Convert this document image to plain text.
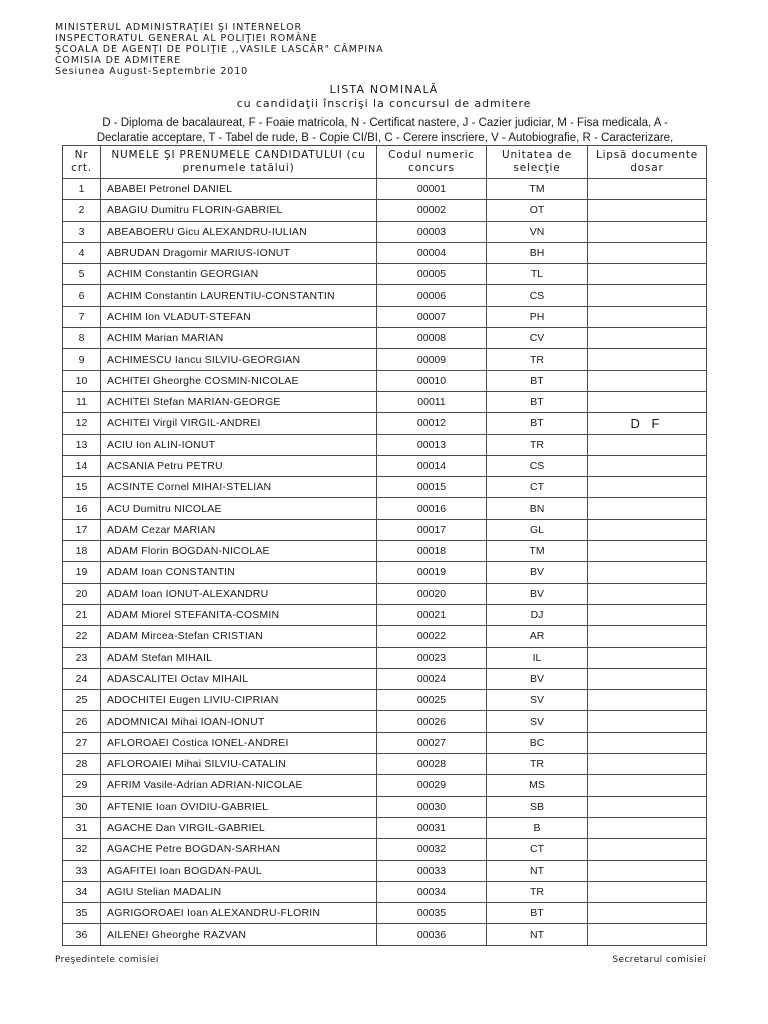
MINISTERUL ADMINISTRAŢIEI ŞI INTERNELOR
INSPECTORATUL GENERAL AL POLIŢIEI ROMÂNE
ŞCOALA DE AGENŢI DE POLIŢIE ,,VASILE LASCĂR" CÂMPINA
COMISIA DE ADMITERE
Sesiunea August-Septembrie 2010
LISTA NOMINALĂ
cu candidaţii înscrişi la concursul de admitere
D - Diploma de bacalaureat, F - Foaie matricola, N - Certificat nastere, J - Cazier judiciar, M - Fisa medicala, A -
Declaratie acceptare, T - Tabel de rude, B - Copie CI/BI, C - Cerere inscriere, V - Autobiografie, R - Caracterizare,
Nr crt.	NUMELE ŞI PRENUMELE CANDIDATULUI (cu prenumele tatălui)	Codul numeric concurs	Unitatea de selecţie	Lipsă documente dosar
1	ABABEI Petronel DANIEL	00001	TM	
2	ABAGIU Dumitru FLORIN-GABRIEL	00002	OT	
3	ABEABOERU Gicu ALEXANDRU-IULIAN	00003	VN	
4	ABRUDAN Dragomir MARIUS-IONUT	00004	BH	
5	ACHIM Constantin GEORGIAN	00005	TL	
6	ACHIM Constantin LAURENTIU-CONSTANTIN	00006	CS	
7	ACHIM Ion VLADUT-STEFAN	00007	PH	
8	ACHIM Marian MARIAN	00008	CV	
9	ACHIMESCU Iancu SILVIU-GEORGIAN	00009	TR	
10	ACHITEI Gheorghe COSMIN-NICOLAE	00010	BT	
11	ACHITEI Stefan MARIAN-GEORGE	00011	BT	
12	ACHITEI Virgil VIRGIL-ANDREI	00012	BT	D F
13	ACIU Ion ALIN-IONUT	00013	TR	
14	ACSANIA Petru PETRU	00014	CS	
15	ACSINTE Cornel MIHAI-STELIAN	00015	CT	
16	ACU Dumitru NICOLAE	00016	BN	
17	ADAM Cezar MARIAN	00017	GL	
18	ADAM Florin BOGDAN-NICOLAE	00018	TM	
19	ADAM Ioan CONSTANTIN	00019	BV	
20	ADAM Ioan IONUT-ALEXANDRU	00020	BV	
21	ADAM Miorel STEFANITA-COSMIN	00021	DJ	
22	ADAM Mircea-Stefan CRISTIAN	00022	AR	
23	ADAM Stefan MIHAIL	00023	IL	
24	ADASCALITEI Octav MIHAIL	00024	BV	
25	ADOCHITEI Eugen LIVIU-CIPRIAN	00025	SV	
26	ADOMNICAI Mihai IOAN-IONUT	00026	SV	
27	AFLOROAEI Costica IONEL-ANDREI	00027	BC	
28	AFLOROAIEI Mihai SILVIU-CATALIN	00028	TR	
29	AFRIM Vasile-Adrian ADRIAN-NICOLAE	00029	MS	
30	AFTENIE Ioan OVIDIU-GABRIEL	00030	SB	
31	AGACHE Dan VIRGIL-GABRIEL	00031	B	
32	AGACHE Petre BOGDAN-SARHAN	00032	CT	
33	AGAFITEI Ioan BOGDAN-PAUL	00033	NT	
34	AGIU Stelian MADALIN	00034	TR	
35	AGRIGOROAEI Ioan ALEXANDRU-FLORIN	00035	BT	
36	AILENEI Gheorghe RAZVAN	00036	NT	
Preşedintele comisiei	Secretarul comisiei
